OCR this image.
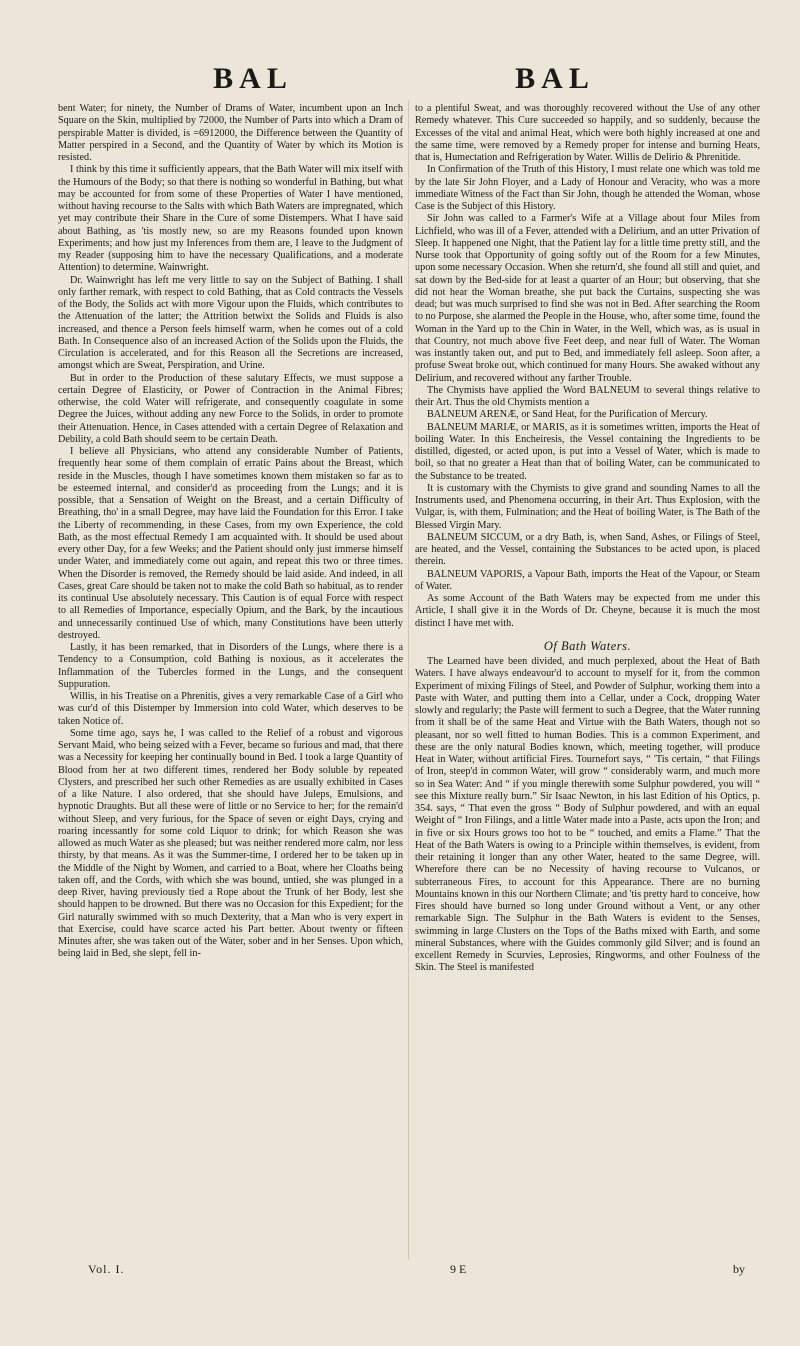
BAL	BAL

bent Water; for ninety, the Number of Drams of Water, incumbent upon an Inch Square on the Skin, multiplied by 72000, the Number of Parts into which a Dram of perspirable Matter is divided, is =6912000, the Difference between the Quantity of Matter perspired in a Second, and the Quantity of Water by which its Motion is resisted.

I think by this time it sufficiently appears, that the Bath Water will mix itself with the Humours of the Body; so that there is nothing so wonderful in Bathing, but what may be accounted for from some of these Properties of Water I have mentioned, without having recourse to the Salts with which Bath Waters are impregnated, which yet may contribute their Share in the Cure of some Distempers. What I have said about Bathing, as 'tis mostly new, so are my Reasons founded upon known Experiments; and how just my Inferences from them are, I leave to the Judgment of my Reader (supposing him to have the necessary Qualifications, and a moderate Attention) to determine. Wainwright.

Dr. Wainwright has left me very little to say on the Subject of Bathing. I shall only farther remark, with respect to cold Bathing, that as Cold contracts the Vessels of the Body, the Solids act with more Vigour upon the Fluids, which contributes to the Attenuation of the latter; the Attrition betwixt the Solids and Fluids is also increased, and thence a Person feels himself warm, when he comes out of a cold Bath. In Consequence also of an increased Action of the Solids upon the Fluids, the Circulation is accelerated, and for this Reason all the Secretions are increased, amongst which are Sweat, Perspiration, and Urine.

But in order to the Production of these salutary Effects, we must suppose a certain Degree of Elasticity, or Power of Contraction in the Animal Fibres; otherwise, the cold Water will refrigerate, and consequently coagulate in some Degree the Juices, without adding any new Force to the Solids, in order to promote their Attenuation. Hence, in Cases attended with a certain Degree of Relaxation and Debility, a cold Bath should seem to be certain Death.

I believe all Physicians, who attend any considerable Number of Patients, frequently hear some of them complain of erratic Pains about the Breast, which reside in the Muscles, though I have sometimes known them mistaken so far as to be esteemed internal, and consider'd as proceeding from the Lungs; and it is possible, that a Sensation of Weight on the Breast, and a certain Difficulty of Breathing, tho' in a small Degree, may have laid the Foundation for this Error. I take the Liberty of recommending, in these Cases, from my own Experience, the cold Bath, as the most effectual Remedy I am acquainted with. It should be used about every other Day, for a few Weeks; and the Patient should only just immerse himself under Water, and immediately come out again, and repeat this two or three times. When the Disorder is removed, the Remedy should be laid aside. And indeed, in all Cases, great Care should be taken not to make the cold Bath so habitual, as to render its continual Use absolutely necessary. This Caution is of equal Force with respect to all Remedies of Importance, especially Opium, and the Bark, by the incautious and unnecessarily continued Use of which, many Constitutions have been utterly destroyed.

Lastly, it has been remarked, that in Disorders of the Lungs, where there is a Tendency to a Consumption, cold Bathing is noxious, as it accelerates the Inflammation of the Tubercles formed in the Lungs, and the consequent Suppuration.

Willis, in his Treatise on a Phrenitis, gives a very remarkable Case of a Girl who was cur'd of this Distemper by Immersion into cold Water, which deserves to be taken Notice of.

Some time ago, says he, I was called to the Relief of a robust and vigorous Servant Maid, who being seized with a Fever, became so furious and mad, that there was a Necessity for keeping her continually bound in Bed. I took a large Quantity of Blood from her at two different times, rendered her Body soluble by repeated Clysters, and prescribed her such other Remedies as are usually exhibited in Cases of a like Nature. I also ordered, that she should have Juleps, Emulsions, and hypnotic Draughts. But all these were of little or no Service to her; for the remain'd without Sleep, and very furious, for the Space of seven or eight Days, crying and roaring incessantly for some cold Liquor to drink; for which Reason she was allowed as much Water as she pleased; but was neither rendered more calm, nor less thirsty, by that means. As it was the Summer-time, I ordered her to be taken up in the Middle of the Night by Women, and carried to a Boat, where her Cloaths being taken off, and the Cords, with which she was bound, untied, she was plunged in a deep River, having previously tied a Rope about the Trunk of her Body, lest she should happen to be drowned. But there was no Occasion for this Expedient; for the Girl naturally swimmed with so much Dexterity, that a Man who is very expert in that Exercise, could have scarce acted his Part better. About twenty or fifteen Minutes after, she was taken out of the Water, sober and in her Senses. Upon which, being laid in Bed, she slept, fell in-

to a plentiful Sweat, and was thoroughly recovered without the Use of any other Remedy whatever. This Cure succeeded so happily, and so suddenly, because the Excesses of the vital and animal Heat, which were both highly increased at one and the same time, were removed by a Remedy proper for intense and burning Heats, that is, Humectation and Refrigeration by Water. Willis de Delirio & Phrenitide.

In Confirmation of the Truth of this History, I must relate one which was told me by the late Sir John Floyer, and a Lady of Honour and Veracity, who was a more immediate Witness of the Fact than Sir John, though he attended the Woman, whose Case is the Subject of this History.

Sir John was called to a Farmer's Wife at a Village about four Miles from Lichfield, who was ill of a Fever, attended with a Delirium, and an utter Privation of Sleep. It happened one Night, that the Patient lay for a little time pretty still, and the Nurse took that Opportunity of going softly out of the Room for a few Minutes, upon some necessary Occasion. When she return'd, she found all still and quiet, and sat down by the Bed-side for at least a quarter of an Hour; but observing, that she did not hear the Woman breathe, she put back the Curtains, suspecting she was dead; but was much surprised to find she was not in Bed. After searching the Room to no Purpose, she alarmed the People in the House, who, after some time, found the Woman in the Yard up to the Chin in Water, in the Well, which was, as is usual in that Country, not much above five Feet deep, and near full of Water. The Woman was instantly taken out, and put to Bed, and immediately fell asleep. Soon after, a profuse Sweat broke out, which continued for many Hours. She awaked without any Delirium, and recovered without any farther Trouble.

The Chymists have applied the Word BALNEUM to several things relative to their Art. Thus the old Chymists mention a

BALNEUM ARENÆ, or Sand Heat, for the Purification of Mercury.

BALNEUM MARIÆ, or MARIS, as it is sometimes written, imports the Heat of boiling Water. In this Encheiresis, the Vessel containing the Ingredients to be distilled, digested, or acted upon, is put into a Vessel of Water, which is made to boil, so that no greater a Heat than that of boiling Water, can be communicated to the Substance to be treated.

It is customary with the Chymists to give grand and sounding Names to all the Instruments used, and Phenomena occurring, in their Art. Thus Explosion, with the Vulgar, is, with them, Fulmination; and the Heat of boiling Water, is The Bath of the Blessed Virgin Mary.

BALNEUM SICCUM, or a dry Bath, is, when Sand, Ashes, or Filings of Steel, are heated, and the Vessel, containing the Substances to be acted upon, is placed therein.

BALNEUM VAPORIS, a Vapour Bath, imports the Heat of the Vapour, or Steam of Water.

As some Account of the Bath Waters may be expected from me under this Article, I shall give it in the Words of Dr. Cheyne, because it is much the most distinct I have met with.

Of Bath Waters.

The Learned have been divided, and much perplexed, about the Heat of Bath Waters. I have always endeavour'd to account to myself for it, from the common Experiment of mixing Filings of Steel, and Powder of Sulphur, working them into a Paste with Water, and putting them into a Cellar, under a Cock, dropping Water slowly and regularly; the Paste will ferment to such a Degree, that the Water running from it shall be of the same Heat and Virtue with the Bath Waters, though not so pleasant, nor so well fitted to human Bodies. This is a common Experiment, and these are the only natural Bodies known, which, meeting together, will produce Heat in Water, without artificial Fires. Tournefort says, “ 'Tis certain, “ that Filings of Iron, steep'd in common Water, will grow “ considerably warm, and much more so in Sea Water: And “ if you mingle therewith some Sulphur powdered, you will “ see this Mixture really burn.” Sir Isaac Newton, in his last Edition of his Optics, p. 354. says, “ That even the gross “ Body of Sulphur powdered, and with an equal Weight of “ Iron Filings, and a little Water made into a Paste, acts upon the Iron; and in five or six Hours grows too hot to be “ touched, and emits a Flame.” That the Heat of the Bath Waters is owing to a Principle within themselves, is evident, from their retaining it longer than any other Water, heated to the same Degree, will. Wherefore there can be no Necessity of having recourse to Vulcanos, or subterraneous Fires, to account for this Appearance. There are no burning Mountains known in this our Northern Climate; and 'tis pretty hard to conceive, how Fires should have burned so long under Ground without a Vent, or any other remarkable Sign. The Sulphur in the Bath Waters is evident to the Senses, swimming in large Clusters on the Tops of the Baths mixed with Earth, and some mineral Substances, where with the Guides commonly gild Silver; and is found an excellent Remedy in Scurvies, Leprosies, Ringworms, and other Foulness of the Skin. The Steel is manifested

Vol. I.	9 E	by
